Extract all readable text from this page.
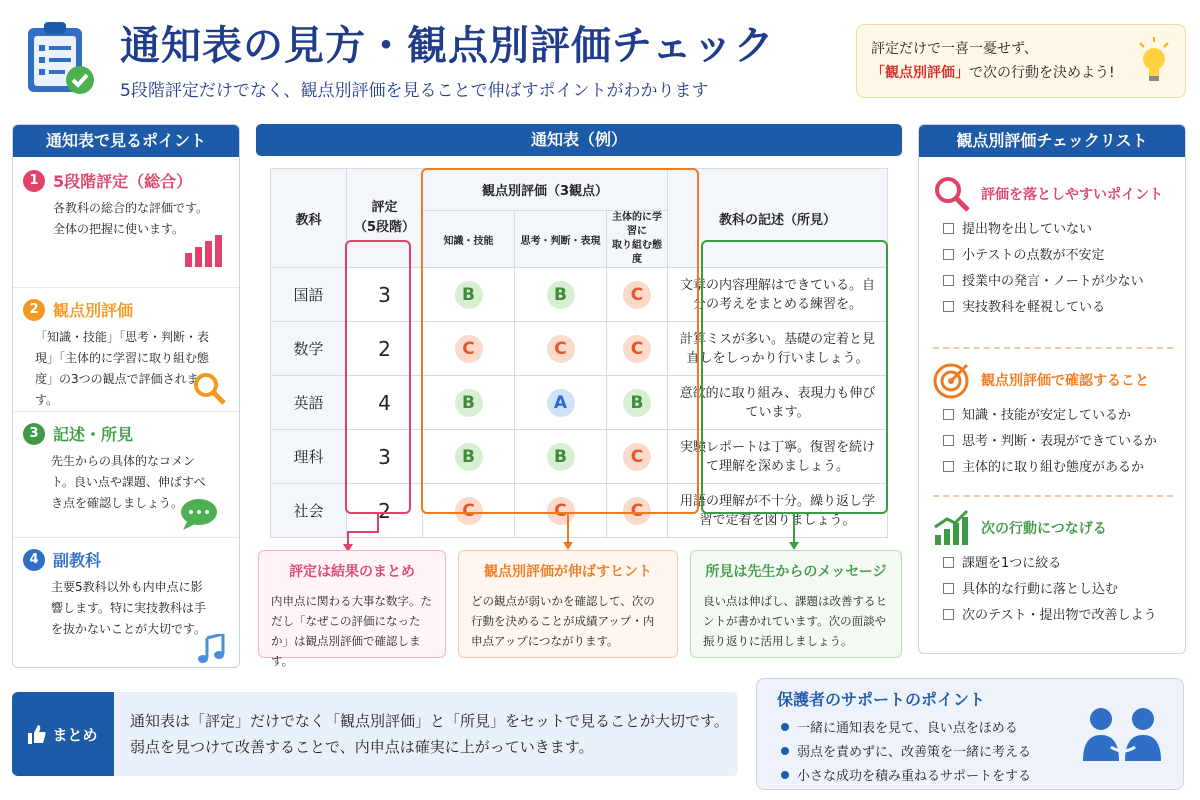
通知表の見方・観点別評価チェック
5段階評定だけでなく、観点別評価を見ることで伸ばすポイントがわかります
評定だけで一喜一憂せず、
「観点別評価」で次の行動を決めよう!
通知表で見るポイント
1 5段階評定（総合）
各教科の総合的な評価です。全体の把握に使います。
2 観点別評価
「知識・技能」「思考・判断・表現」「主体的に学習に取り組む態度」の3つの観点で評価されます。
3 記述・所見
先生からの具体的なコメント。良い点や課題、伸ばすべき点を確認しましょう。
4 副教科
主要5教科以外も内申点に影響します。特に実技教科は手を抜かないことが大切です。
通知表（例）
教科	評定
（5段階）	観点別評価（3観点）			教科の記述（所見）
		知識・技能	思考・判断・表現	主体的に学習に
取り組む態度	
国語	3	B	B	C	文章の内容理解はできている。自分の考えをまとめる練習を。
数学	2	C	C	C	計算ミスが多い。基礎の定着と見直しをしっかり行いましょう。
英語	4	B	A	B	意欲的に取り組み、表現力も伸びています。
理科	3	B	B	C	実験レポートは丁寧。復習を続けて理解を深めましょう。
社会	2	C	C	C	用語の理解が不十分。繰り返し学習で定着を図りましょう。
評定は結果のまとめ

内申点に関わる大事な数字。ただし「なぜこの評価になったか」は観点別評価で確認します。

観点別評価が伸ばすヒント

どの観点が弱いかを確認して、次の行動を決めることが成績アップ・内申点アップにつながります。

所見は先生からのメッセージ

良い点は伸ばし、課題は改善するヒントが書かれています。次の面談や振り返りに活用しましょう。

観点別評価チェックリスト
評価を落としやすいポイント
提出物を出していない
小テストの点数が不安定
授業中の発言・ノートが少ない
実技教科を軽視している
観点別評価で確認すること
知識・技能が安定しているか
思考・判断・表現ができているか
主体的に取り組む態度があるか
次の行動につなげる
課題を1つに絞る
具体的な行動に落とし込む
次のテスト・提出物で改善しよう
まとめ
通知表は「評定」だけでなく「観点別評価」と「所見」をセットで見ることが大切です。
弱点を見つけて改善することで、内申点は確実に上がっていきます。
保護者のサポートのポイント
一緒に通知表を見て、良い点をほめる
弱点を責めずに、改善策を一緒に考える
小さな成功を積み重ねるサポートをする
